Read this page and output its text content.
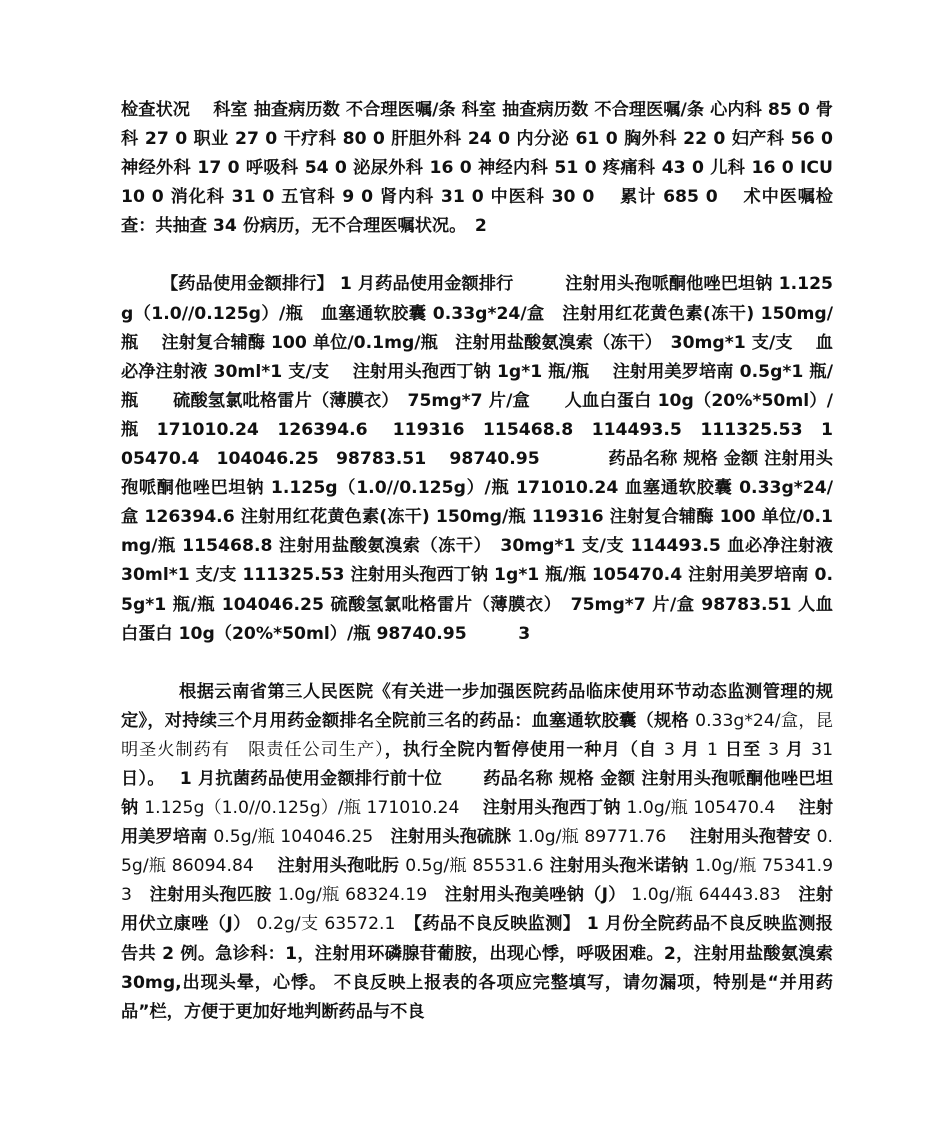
检查状况　 科室 抽查病历数 不合理医嘱/条 科室 抽查病历数 不合理医嘱/条 心内科 85 0 骨科 27 0 职业 27 0 干疗科 80 0 肝胆外科 24 0 内分泌 61 0 胸外科 22 0 妇产科 56 0 神经外科 17 0 呼吸科 54 0 泌尿外科 16 0 神经内科 51 0 疼痛科 43 0 儿科 16 0 ICU 10 0 消化科 31 0 五官科 9 0 肾内科 31 0 中医科 30 0　 累计 685 0　 术中医嘱检查：共抽查 34 份病历，无不合理医嘱状况。　2

【药品使用金额排行】 1 月药品使用金额排行　　　注射用头孢哌酮他唑巴坦钠 1.125g（1.0//0.125g）/瓶　血塞通软胶囊 0.33g*24/盒　注射用红花黄色素(冻干) 150mg/瓶　 注射复合辅酶 100 单位/0.1mg/瓶　注射用盐酸氨溴索（冻干）　30mg*1 支/支　 血必净注射液 30ml*1 支/支　 注射用头孢西丁钠 1g*1 瓶/瓶　 注射用美罗培南 0.5g*1 瓶/瓶　　硫酸氢氯吡格雷片（薄膜衣）　75mg*7 片/盒　　人血白蛋白 10g（20%*50ml）/瓶　171010.24　126394.6　 119316　115468.8　114493.5　111325.53　105470.4　104046.25　98783.51　 98740.95　　　　药品名称 规格 金额 注射用头孢哌酮他唑巴坦钠 1.125g（1.0//0.125g）/瓶 171010.24 血塞通软胶囊 0.33g*24/盒 126394.6 注射用红花黄色素(冻干) 150mg/瓶 119316 注射复合辅酶 100 单位/0.1mg/瓶 115468.8 注射用盐酸氨溴索（冻干）　30mg*1 支/支 114493.5 血必净注射液 30ml*1 支/支 111325.53 注射用头孢西丁钠 1g*1 瓶/瓶 105470.4 注射用美罗培南 0.5g*1 瓶/瓶 104046.25 硫酸氢氯吡格雷片（薄膜衣）　75mg*7 片/盒 98783.51 人血白蛋白 10g（20%*50ml）/瓶 98740.95　　　3

根据云南省第三人民医院《有关进一步加强医院药品临床使用环节动态监测管理的规定》，对持续三个月用药金额排名全院前三名的药品：血塞通软胶囊（规格 0.33g*24/盒，昆明圣火制药有　限责任公司生产），执行全院内暂停使用一种月（自 3 月 1 日至 3 月 31 日）。　 1 月抗菌药品使用金额排行前十位　　 药品名称 规格 金额 注射用头孢哌酮他唑巴坦钠 1.125g（1.0//0.125g）/瓶 171010.24　 注射用头孢西丁钠 1.0g/瓶 105470.4　 注射用美罗培南 0.5g/瓶 104046.25　注射用头孢硫脒 1.0g/瓶 89771.76　 注射用头孢替安 0.5g/瓶 86094.84　 注射用头孢吡肟 0.5g/瓶 85531.6 注射用头孢米诺钠 1.0g/瓶 75341.93　注射用头孢匹胺 1.0g/瓶 68324.19　注射用头孢美唑钠（J） 1.0g/瓶 64443.83　注射用伏立康唑（J） 0.2g/支 63572.1　【药品不良反映监测】 1 月份全院药品不良反映监测报告共 2 例。急诊科：1，注射用环磷腺苷葡胺，出现心悸，呼吸困难。2，注射用盐酸氨溴索 30mg,出现头晕，心悸。 不良反映上报表的各项应完整填写，请勿漏项，特别是“并用药品”栏，方便于更加好地判断药品与不良
